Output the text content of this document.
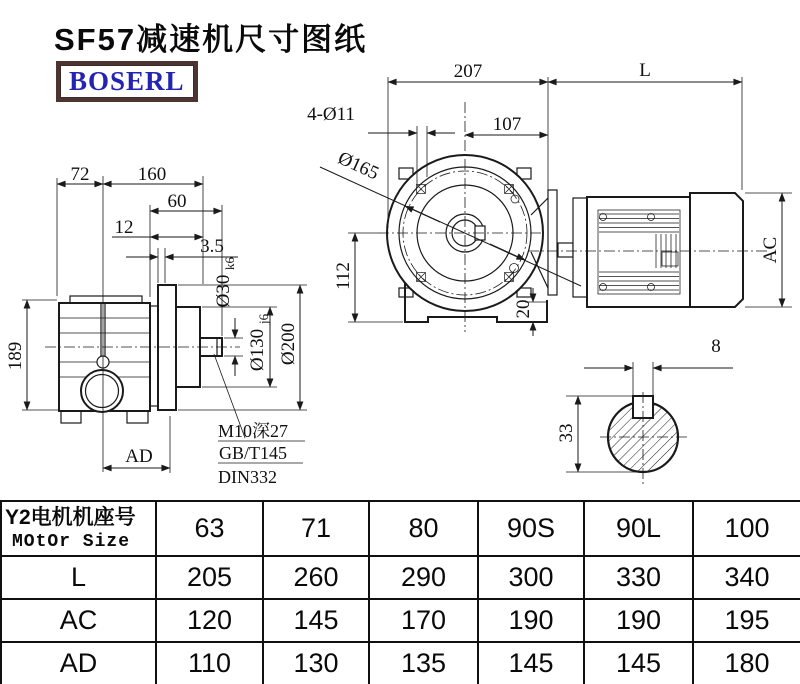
SF57减速机尺寸图纸
BOSERL
72	160
60
12
3.5
Ø30
k6
Ø130
j6
Ø200
189
AD
M10深27
GB/T145
DIN332
207	L
107
4-Ø11
Ø165
112
20
AC
8
33
Y2电机机座号
MOtOr Size	63	71	80	90S	90L	100
L	205	260	290	300	330	340
AC	120	145	170	190	190	195
AD	110	130	135	145	145	180
